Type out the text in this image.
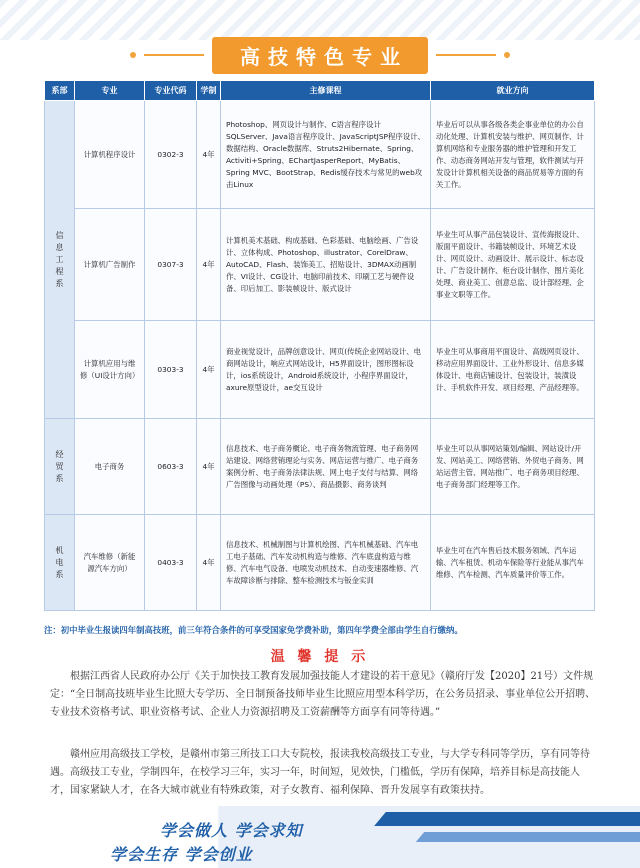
高技特色专业
系部	专业	专业代码	学制	主修课程	就业方向

信息工程系	计算机程序设计	0302-3	4年	Photoshop、网页设计与制作、C语言程序设计SQLServer、Java语言程序设计、JavaScriptJSP程序设计、数据结构、Oracle数据库、Struts2Hibernate、Spring、Activiti+Spring、EChartJasperReport、MyBatis、Spring MVC、BootStrap、Redis缓存技术与常见的web攻击Linux	毕业后可以从事各级各类企事业单位的办公自动化处理、计算机安装与维护、网页制作、计算机网络和专业服务器的维护管理和开发工作、动态商务网站开发与管理，软件测试与开发设计计算机相关设备的商品贸易等方面的有关工作。
	计算机广告制作	0307-3	4年	计算机美术基础、构成基础、色彩基础、电脑绘画、广告设计、立体构成、Photoshop、illustrator、CorelDraw、AutoCAD、Flash、装饰美工、招贴设计、3DMAX动画制作、VI设计、CG设计、电脑印前技术、印刷工艺与硬件设备、印后加工、影装帧设计、版式设计	毕业生可从事产品包装设计、宣传海报设计、版面平面设计、书籍装帧设计、环境艺术设计、网页设计、动画设计、展示设计、标志设计、广告设计制作、柜台设计制作、图片美化处理、商业美工、创意总监、设计部经理、企事业文职等工作。
	计算机应用与维修（UI设计方向）	0303-3	4年	商业视觉设计，品牌创意设计、网页(传统企业网站设计、电商网站设计，响应式网站设计，H5界面设计，图形图标设计，ios系统设计，Android系统设计，小程序界面设计，axure原型设计，ae交互设计	毕业生可从事商用平面设计、高级网页设计、移动应用界面设计、工业外形设计、信息多媒体设计、电商店铺设计、包装设计，装潢设计、手机软件开发、项目经理、产品经理等。

经贸系	电子商务	0603-3	4年	信息技术、电子商务概论、电子商务物流管理、电子商务网站建设、网络营销理论与实务、网店运营与推广、电子商务案例分析、电子商务法律法规、网上电子支付与结算、网络广告图像与动画处理（PS）、商品摄影、商务谈判	毕业生可以从事网站策划/编辑、网站设计/开发、网站美工、网络营销、外贸电子商务、网站运营主管、网站推广、电子商务项目经理、电子商务部门经理等工作。

机电系	汽车维修（新能源汽车方向）	0403-3	4年	信息技术、机械制图与计算机绘图、汽车机械基础、汽车电工电子基础、汽车发动机构造与维修、汽车底盘构造与维修、汽车电气设备、电喷发动机技术、自动变速器维修、汽车故障诊断与排除、整车检测技术与钣金实训	毕业生可在汽车售后技术服务领域、汽车运输、汽车租赁、机动车保险等行业能从事汽车维修、汽车检测、汽车质量评价等工作。
注：初中毕业生报读四年制高技班，前三年符合条件的可享受国家免学费补助，第四年学费全部由学生自行缴纳。
温 馨 提 示

根据江西省人民政府办公厅《关于加快技工教育发展加强技能人才建设的若干意见》（赣府厅发【2020】21号）文件规定：“全日制高技班毕业生比照大专学历、全日制预备技师毕业生比照应用型本科学历，在公务员招录、事业单位公开招聘、专业技术资格考试、职业资格考试、企业人力资源招聘及工资薪酬等方面享有同等待遇。”

赣州应用高级技工学校，是赣州市第三所技工口大专院校，报读我校高级技工专业，与大学专科同等学历，享有同等待遇。高级技工专业，学制四年，在校学习三年，实习一年，时间短，见效快，门槛低，学历有保障，培养目标是高技能人才，国家紧缺人才，在各大城市就业有特殊政策，对子女教育、福利保障、晋升发展享有政策扶持。

学会做人 学会求知
学会生存 学会创业
